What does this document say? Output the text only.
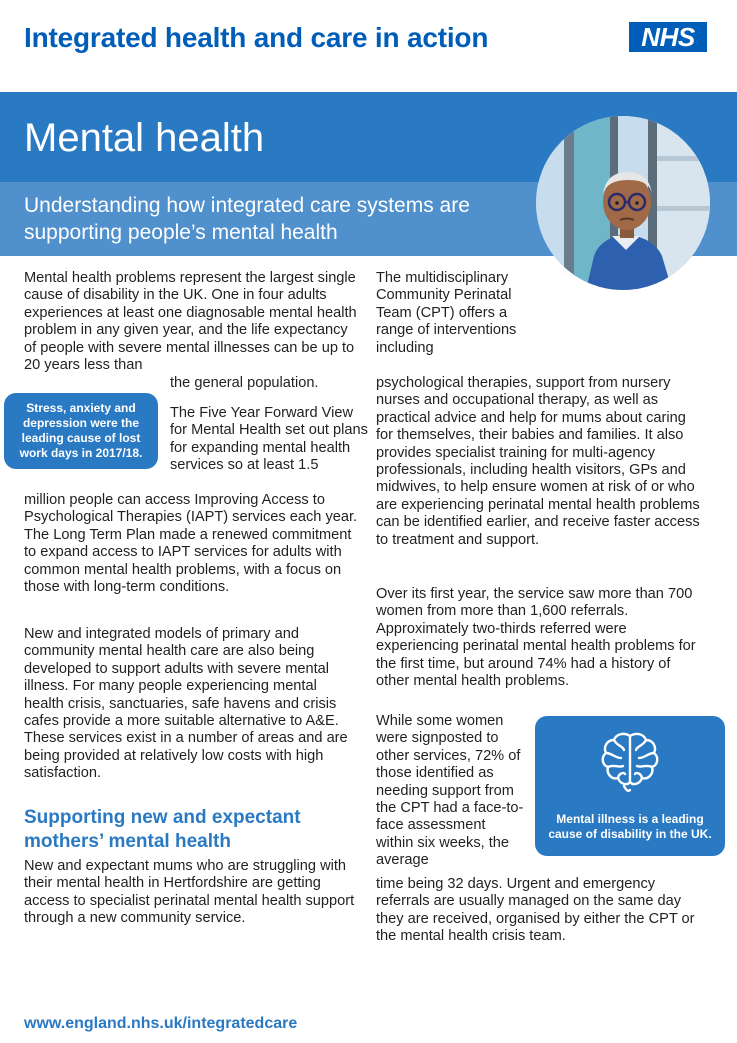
Integrated health and care in action	NHS
Mental health
Understanding how integrated care systems are supporting people’s mental health
Mental health problems represent the largest single cause of disability in the UK. One in four adults experiences at least one diagnosable mental health problem in any given year, and the life expectancy of people with severe mental illnesses can be up to 20 years less than
the general population.
Stress, anxiety and depression were the leading cause of lost work days in 2017/18.
The Five Year Forward View for Mental Health set out plans for expanding mental health services so at least 1.5
million people can access Improving Access to Psychological Therapies (IAPT) services each year. The Long Term Plan made a renewed commitment to expand access to IAPT services for adults with common mental health problems, with a focus on those with long-term conditions.
New and integrated models of primary and community mental health care are also being developed to support adults with severe mental illness. For many people experiencing mental health crisis, sanctuaries, safe havens and crisis cafes provide a more suitable alternative to A&E. These services exist in a number of areas and are being provided at relatively low costs with high satisfaction.
Supporting new and expectant mothers’ mental health
New and expectant mums who are struggling with their mental health in Hertfordshire are getting access to specialist perinatal mental health support through a new community service.
The multidisciplinary Community Perinatal Team (CPT) offers a range of interventions including
psychological therapies, support from nursery nurses and occupational therapy, as well as practical advice and help for mums about caring for themselves, their babies and families. It also provides specialist training for multi-agency professionals, including health visitors, GPs and midwives, to help ensure women at risk of or who are experiencing perinatal mental health problems can be identified earlier, and receive faster access to treatment and support.
Over its first year, the service saw more than 700 women from more than 1,600 referrals. Approximately two-thirds referred were experiencing perinatal mental health problems for the first time, but around 74% had a history of other mental health problems.
While some women were signposted to other services, 72% of those identified as needing support from the CPT had a face-to-face assessment within six weeks, the average
time being 32 days. Urgent and emergency referrals are usually managed on the same day they are received, organised by either the CPT or the mental health crisis team.
Mental illness is a leading cause of disability in the UK.
www.england.nhs.uk/integratedcare
